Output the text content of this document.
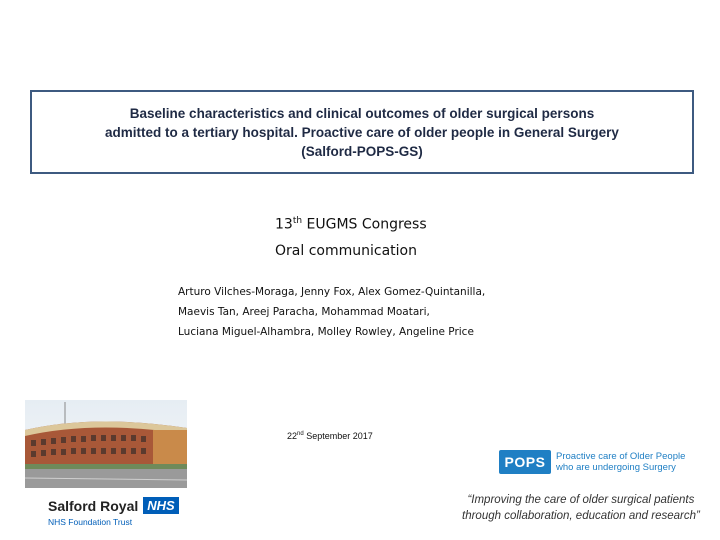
Baseline characteristics and clinical outcomes of older surgical persons
admitted to a tertiary hospital. Proactive care of older people in General Surgery
(Salford-POPS-GS)
13th EUGMS Congress
Oral communication
Arturo Vilches-Moraga, Jenny Fox, Alex Gomez-Quintanilla,
Maevis Tan, Areej Paracha, Mohammad Moatari,
Luciana Miguel-Alhambra, Molley Rowley, Angeline Price
22nd September 2017
POPS	Proactive care of Older People
who are undergoing Surgery
“Improving the care of older surgical patients
through collaboration, education and research”
Salford Royal NHS
NHS Foundation Trust
